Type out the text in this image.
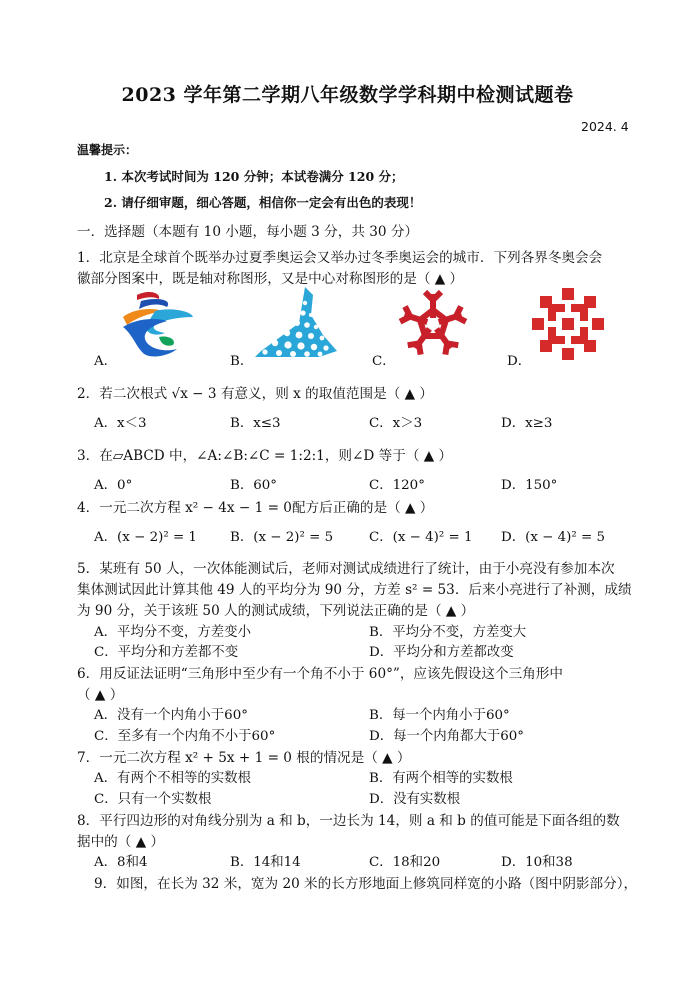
2023 学年第二学期八年级数学学科期中检测试题卷
2024. 4
温馨提示：
1. 本次考试时间为 120 分钟；本试卷满分 120 分；
2. 请仔细审题，细心答题，相信你一定会有出色的表现！
一．选择题（本题有 10 小题，每小题 3 分，共 30 分）
1．北京是全球首个既举办过夏季奥运会又举办过冬季奥运会的城市．下列各界冬奥会会
徽部分图案中，既是轴对称图形，又是中心对称图形的是（ ▲ ）
A．	B．	C．	D．
2．若二次根式 √x − 3 有意义，则 x 的取值范围是（ ▲ ）
A．x＜3	B．x≤3	C．x＞3	D．x≥3
3．在▱ABCD 中，∠A:∠B:∠C = 1:2:1，则∠D 等于（ ▲ ）
A．0°	B．60°	C．120°	D．150°
4．一元二次方程 x² − 4x − 1 = 0配方后正确的是（ ▲ ）
A．(x − 2)² = 1 B．(x − 2)² = 5	C．(x − 4)² = 1 D．(x − 4)² = 5
5．某班有 50 人，一次体能测试后，老师对测试成绩进行了统计，由于小亮没有参加本次
集体测试因此计算其他 49 人的平均分为 90 分，方差 s² = 53．后来小亮进行了补测，成绩
为 90 分，关于该班 50 人的测试成绩，下列说法正确的是（ ▲ ）
A．平均分不变，方差变小	B．平均分不变，方差变大
C．平均分和方差都不变	D．平均分和方差都改变
6．用反证法证明“三角形中至少有一个角不小于 60°”，应该先假设这个三角形中
（ ▲ ）
A．没有一个内角小于60°	B．每一个内角小于60°
C．至多有一个内角不小于60°	D．每一个内角都大于60°
7．一元二次方程 x² + 5x + 1 = 0 根的情况是（ ▲ ）
A．有两个不相等的实数根	B．有两个相等的实数根
C．只有一个实数根	D．没有实数根
8．平行四边形的对角线分别为 a 和 b，一边长为 14，则 a 和 b 的值可能是下面各组的数
据中的（ ▲ ）
A．8和4	B．14和14	C．18和20	D．10和38
9．如图，在长为 32 米，宽为 20 米的长方形地面上修筑同样宽的小路（图中阴影部分），
